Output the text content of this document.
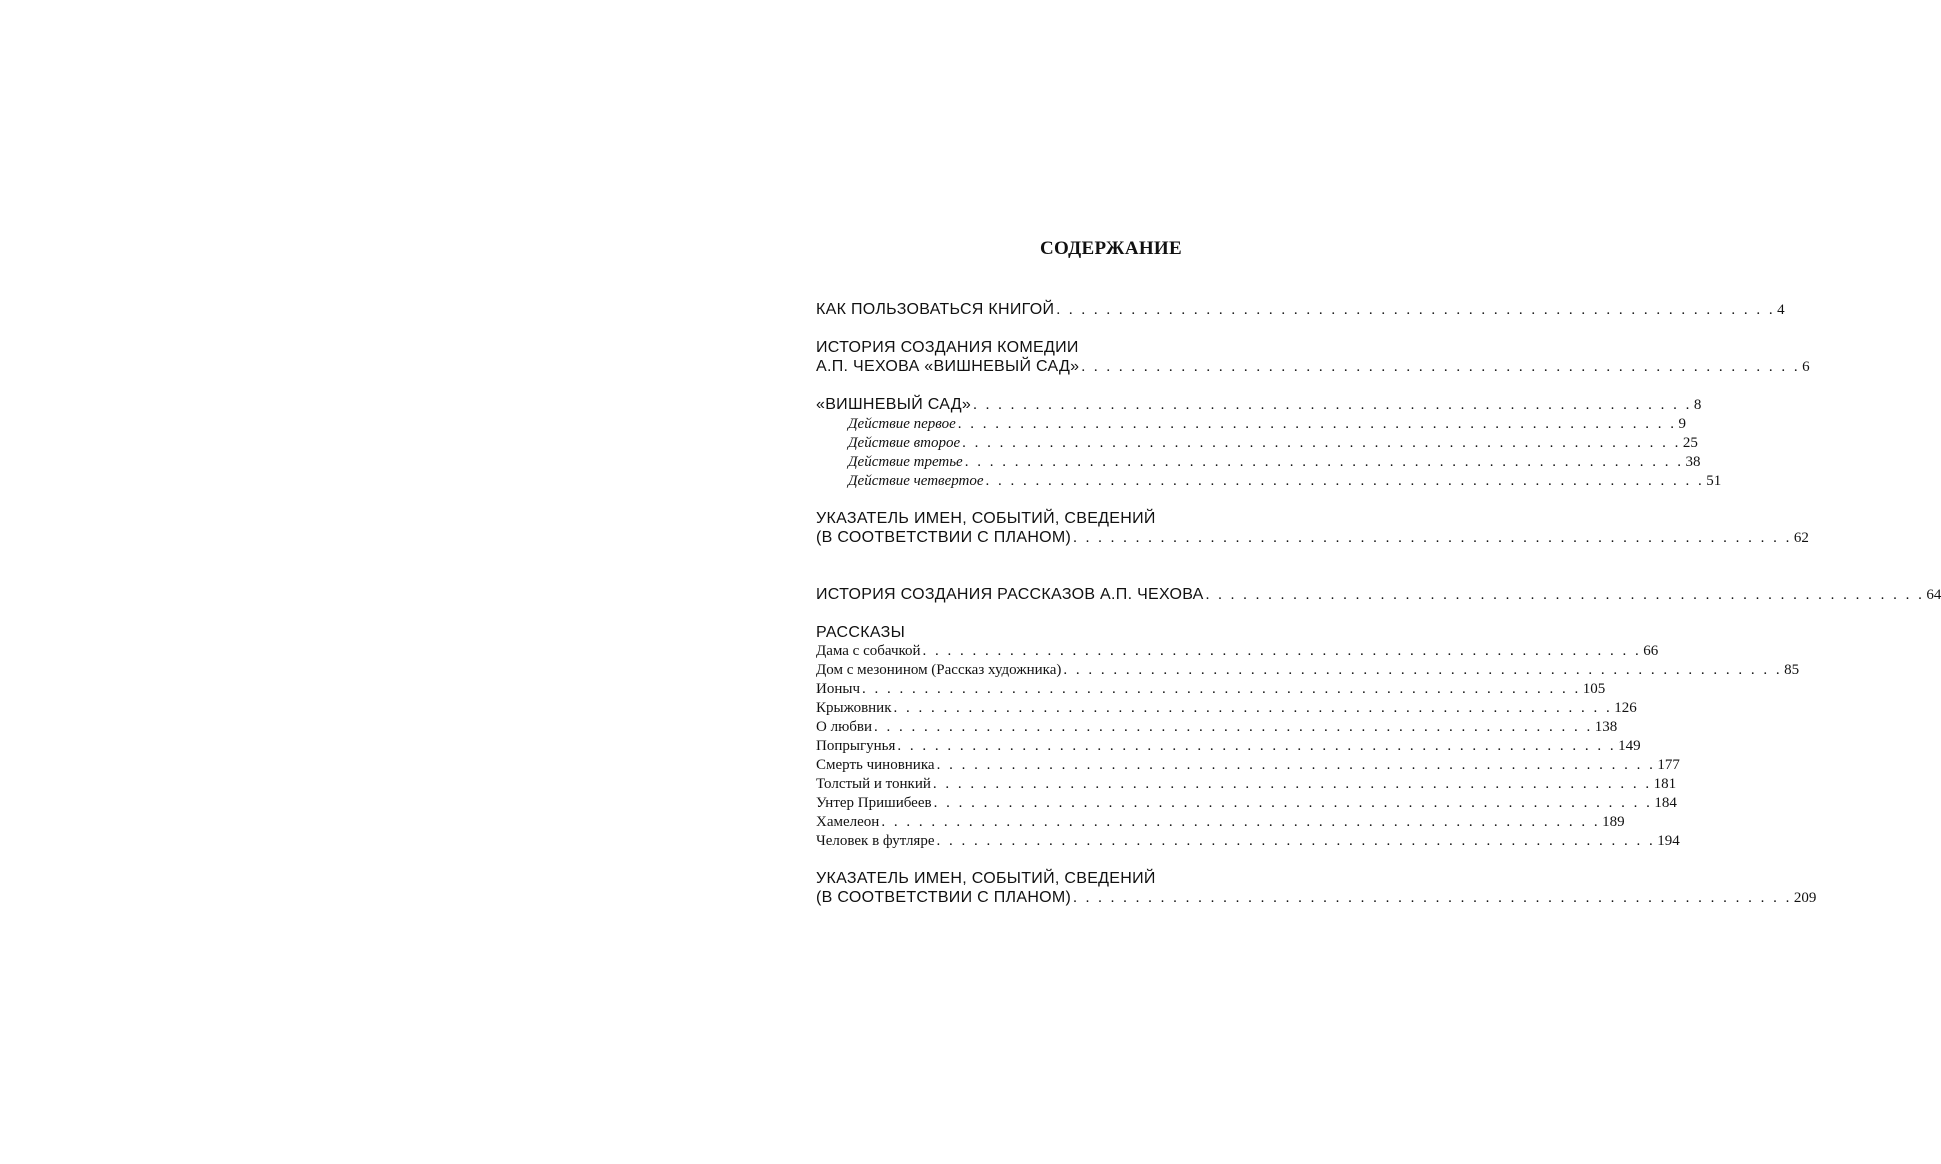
СОДЕРЖАНИЕ
КАК ПОЛЬЗОВАТЬСЯ КНИГОЙ . . . . . . . . . . . . . . . . . . . . . . . . . . . . . . . . . . . . . . . . . . . . . . . . . . . . . . . . . . 4
ИСТОРИЯ СОЗДАНИЯ КОМЕДИИ
А.П. ЧЕХОВА «ВИШНЕВЫЙ САД» . . . . . . . . . . . . . . . . . . . . . . . . . . . . . . . . . . . . . . . . . . . . . . . . . . . . . . . . . . 6
«ВИШНЕВЫЙ САД» . . . . . . . . . . . . . . . . . . . . . . . . . . . . . . . . . . . . . . . . . . . . . . . . . . . . . . . . . . 8
Действие первое . . . . . . . . . . . . . . . . . . . . . . . . . . . . . . . . . . . . . . . . . . . . . . . . . . . . . . . . . . 9
Действие второе . . . . . . . . . . . . . . . . . . . . . . . . . . . . . . . . . . . . . . . . . . . . . . . . . . . . . . . . . . 25
Действие третье . . . . . . . . . . . . . . . . . . . . . . . . . . . . . . . . . . . . . . . . . . . . . . . . . . . . . . . . . . 38
Действие четвертое . . . . . . . . . . . . . . . . . . . . . . . . . . . . . . . . . . . . . . . . . . . . . . . . . . . . . . . . . . 51
УКАЗАТЕЛЬ ИМЕН, СОБЫТИЙ, СВЕДЕНИЙ
(В СООТВЕТСТВИИ С ПЛАНОМ) . . . . . . . . . . . . . . . . . . . . . . . . . . . . . . . . . . . . . . . . . . . . . . . . . . . . . . . . . . 62
ИСТОРИЯ СОЗДАНИЯ РАССКАЗОВ А.П. ЧЕХОВА . . . . . . . . . . . . . . . . . . . . . . . . . . . . . . . . . . . . . . . . . . . . . . . . . . . . . . . . . . 64
РАССКАЗЫ
Дама с собачкой . . . . . . . . . . . . . . . . . . . . . . . . . . . . . . . . . . . . . . . . . . . . . . . . . . . . . . . . . . 66
Дом с мезонином (Рассказ художника) . . . . . . . . . . . . . . . . . . . . . . . . . . . . . . . . . . . . . . . . . . . . . . . . . . . . . . . . . . 85
Ионыч . . . . . . . . . . . . . . . . . . . . . . . . . . . . . . . . . . . . . . . . . . . . . . . . . . . . . . . . . . 105
Крыжовник . . . . . . . . . . . . . . . . . . . . . . . . . . . . . . . . . . . . . . . . . . . . . . . . . . . . . . . . . . 126
О любви . . . . . . . . . . . . . . . . . . . . . . . . . . . . . . . . . . . . . . . . . . . . . . . . . . . . . . . . . . 138
Попрыгунья . . . . . . . . . . . . . . . . . . . . . . . . . . . . . . . . . . . . . . . . . . . . . . . . . . . . . . . . . . 149
Смерть чиновника . . . . . . . . . . . . . . . . . . . . . . . . . . . . . . . . . . . . . . . . . . . . . . . . . . . . . . . . . . 177
Толстый и тонкий . . . . . . . . . . . . . . . . . . . . . . . . . . . . . . . . . . . . . . . . . . . . . . . . . . . . . . . . . . 181
Унтер Пришибеев . . . . . . . . . . . . . . . . . . . . . . . . . . . . . . . . . . . . . . . . . . . . . . . . . . . . . . . . . . 184
Хамелеон . . . . . . . . . . . . . . . . . . . . . . . . . . . . . . . . . . . . . . . . . . . . . . . . . . . . . . . . . . 189
Человек в футляре . . . . . . . . . . . . . . . . . . . . . . . . . . . . . . . . . . . . . . . . . . . . . . . . . . . . . . . . . . 194
УКАЗАТЕЛЬ ИМЕН, СОБЫТИЙ, СВЕДЕНИЙ
(В СООТВЕТСТВИИ С ПЛАНОМ) . . . . . . . . . . . . . . . . . . . . . . . . . . . . . . . . . . . . . . . . . . . . . . . . . . . . . . . . . . 209
